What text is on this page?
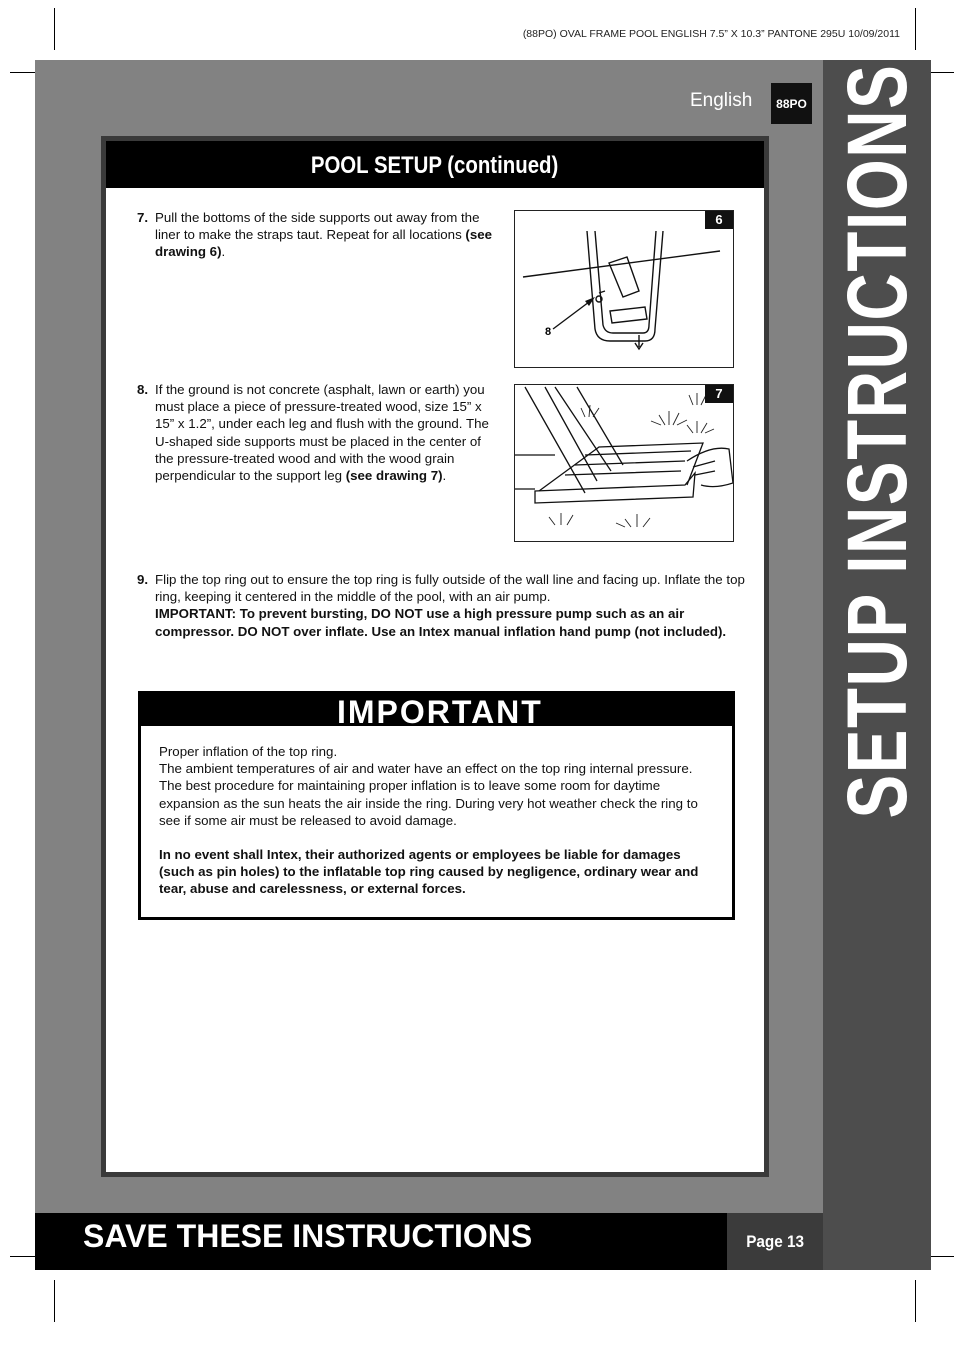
(88PO) OVAL FRAME POOL ENGLISH 7.5” X 10.3” PANTONE 295U 10/09/2011
SETUP INSTRUCTIONS
English	88PO
POOL SETUP (continued)
7. Pull the bottoms of the side supports out away from the liner to make the straps taut. Repeat for all locations (see drawing 6).
6
8
8. If the ground is not concrete (asphalt, lawn or earth) you must place a piece of pressure-treated wood, size 15” x 15” x 1.2”, under each leg and flush with the ground. The U-shaped side supports must be placed in the center of the pressure-treated wood and with the wood grain perpendicular to the support leg (see drawing 7).
7
9. Flip the top ring out to ensure the top ring is fully outside of the wall line and facing up. Inflate the top ring, keeping it centered in the middle of the pool, with an air pump.
IMPORTANT: To prevent bursting, DO NOT use a high pressure pump such as an air compressor. DO NOT over inflate. Use an Intex manual inflation hand pump (not included).
IMPORTANT
Proper inflation of the top ring.
The ambient temperatures of air and water have an effect on the top ring internal pressure. The best procedure for maintaining proper inflation is to leave some room for daytime expansion as the sun heats the air inside the ring. During very hot weather check the ring to see if some air must be released to avoid damage.
In no event shall Intex, their authorized agents or employees be liable for damages (such as pin holes) to the inflatable top ring caused by negligence, ordinary wear and tear, abuse and carelessness, or external forces.
SAVE THESE INSTRUCTIONS	Page 13
